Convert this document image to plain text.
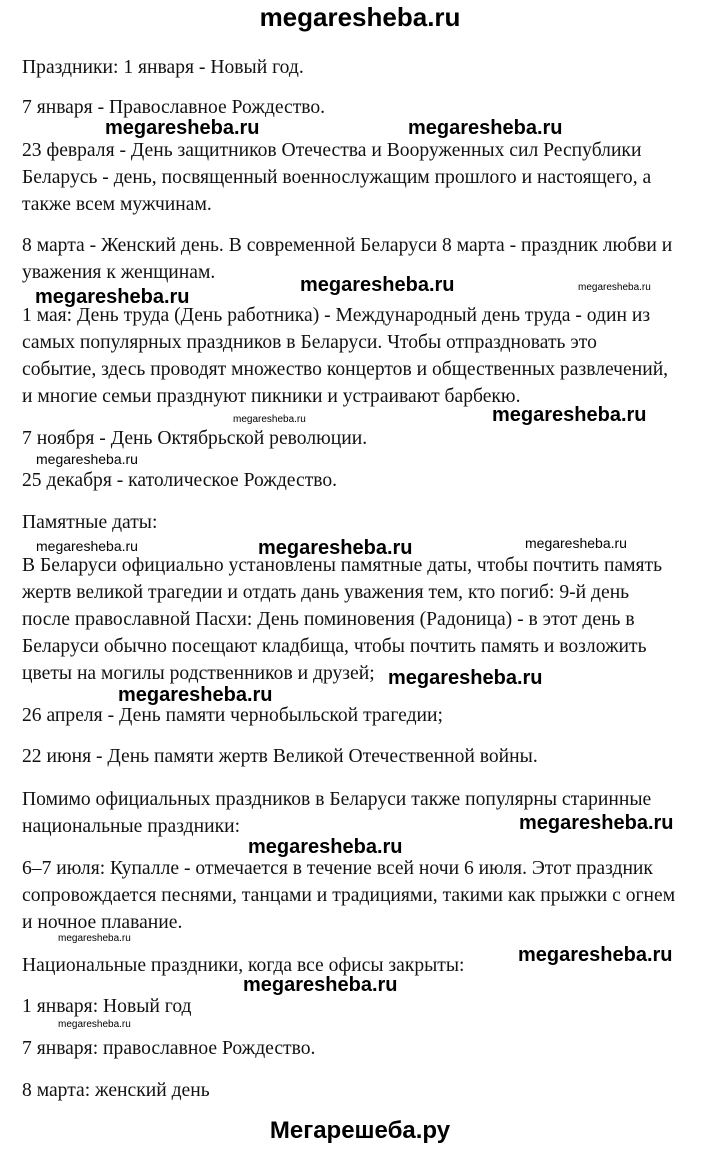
megaresheba.ru
Праздники: 1 января - Новый год.
7 января - Православное Рождество.
23 февраля - День защитников Отечества и Вооруженных сил Республики
Беларусь - день, посвященный военнослужащим прошлого и настоящего, а
также всем мужчинам.
8 марта - Женский день. В современной Беларуси 8 марта - праздник любви и
уважения к женщинам.
1 мая: День труда (День работника) - Международный день труда - один из
самых популярных праздников в Беларуси. Чтобы отпраздновать это
событие, здесь проводят множество концертов и общественных развлечений,
и многие семьи празднуют пикники и устраивают барбекю.
7 ноября - День Октябрьской революции.
25 декабря - католическое Рождество.
Памятные даты:
В Беларуси официально установлены памятные даты, чтобы почтить память
жертв великой трагедии и отдать дань уважения тем, кто погиб: 9-й день
после православной Пасхи: День поминовения (Радоница) - в этот день в
Беларуси обычно посещают кладбища, чтобы почтить память и возложить
цветы на могилы родственников и друзей;
26 апреля - День памяти чернобыльской трагедии;
22 июня - День памяти жертв Великой Отечественной войны.
Помимо официальных праздников в Беларуси также популярны старинные
национальные праздники:
6–7 июля: Купалле - отмечается в течение всей ночи 6 июля. Этот праздник
сопровождается песнями, танцами и традициями, такими как прыжки с огнем
и ночное плавание.
Национальные праздники, когда все офисы закрыты:
1 января: Новый год
7 января: православное Рождество.
8 марта: женский день
megaresheba.ru	megaresheba.ru
megaresheba.ru
megaresheba.ru
megaresheba.ru
megaresheba.ru
megaresheba.ru
megaresheba.ru
megaresheba.ru
megaresheba.ru
megaresheba.ru
megaresheba.ru
megaresheba.ru
megaresheba.ru
megaresheba.ru
megaresheba.ru	megaresheba.ru
megaresheba.ru
megaresheba.ru
Мегарешеба.ру
